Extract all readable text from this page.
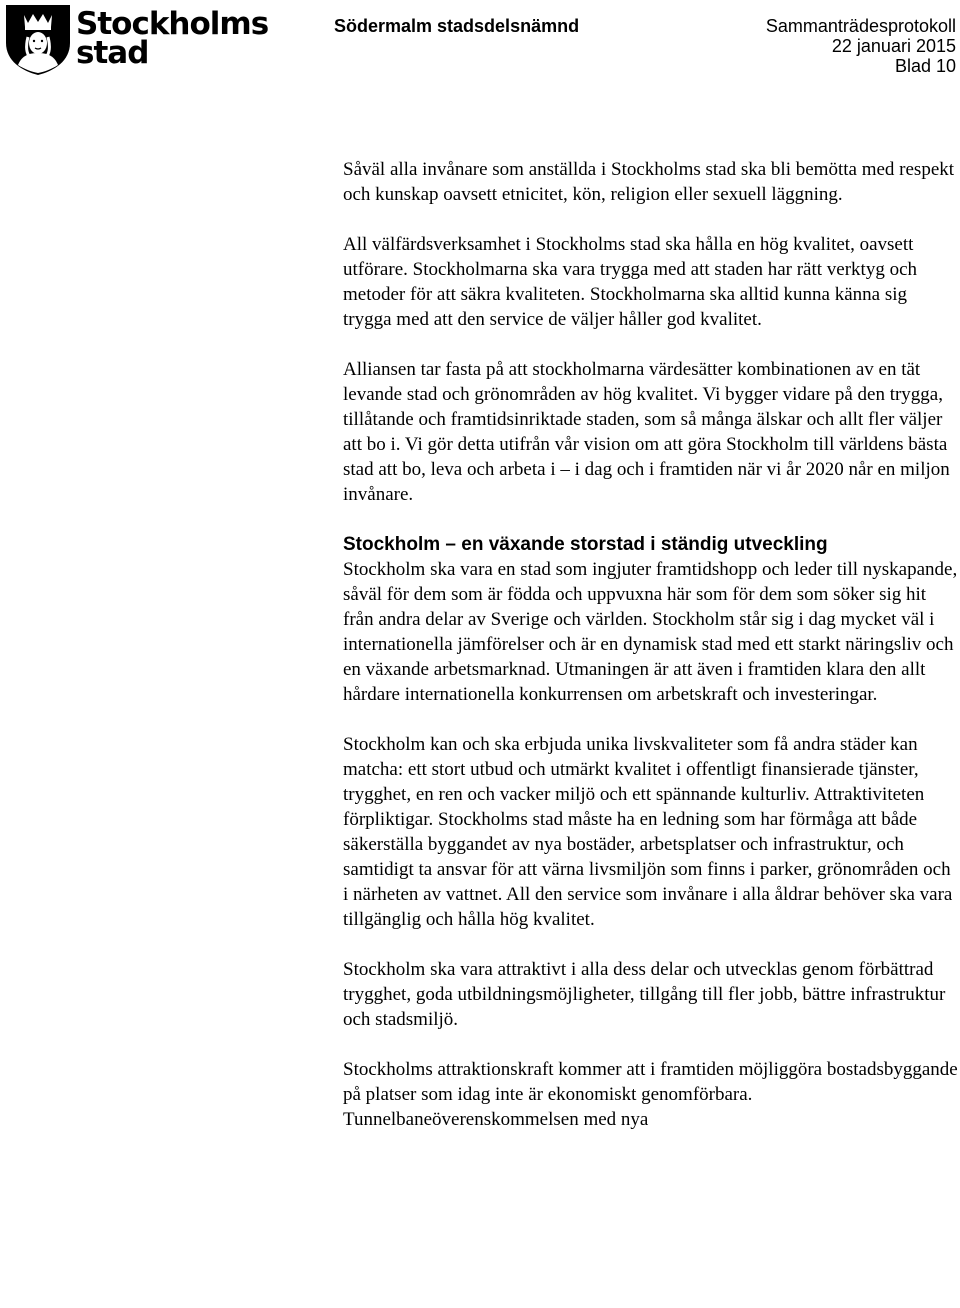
Stockholms
stad
Södermalm stadsdelsnämnd	Sammanträdesprotokoll
22 januari 2015
Blad 10

Såväl alla invånare som anställda i Stockholms stad ska bli bemötta med respekt och kunskap oavsett etnicitet, kön, religion eller sexuell läggning.

All välfärdsverksamhet i Stockholms stad ska hålla en hög kvalitet, oavsett utförare. Stockholmarna ska vara trygga med att staden har rätt verktyg och metoder för att säkra kvaliteten. Stockholmarna ska alltid kunna känna sig trygga med att den service de väljer håller god kvalitet.

Alliansen tar fasta på att stockholmarna värdesätter kombinationen av en tät levande stad och grönområden av hög kvalitet. Vi bygger vidare på den trygga, tillåtande och framtidsinriktade staden, som så många älskar och allt fler väljer att bo i. Vi gör detta utifrån vår vision om att göra Stockholm till världens bästa stad att bo, leva och arbeta i – i dag och i framtiden när vi år 2020 når en miljon invånare.

Stockholm – en växande storstad i ständig utveckling

Stockholm ska vara en stad som ingjuter framtidshopp och leder till nyskapande, såväl för dem som är födda och uppvuxna här som för dem som söker sig hit från andra delar av Sverige och världen. Stockholm står sig i dag mycket väl i internationella jämförelser och är en dynamisk stad med ett starkt näringsliv och en växande arbetsmarknad. Utmaningen är att även i framtiden klara den allt hårdare internationella konkurrensen om arbetskraft och investeringar.

Stockholm kan och ska erbjuda unika livskvaliteter som få andra städer kan matcha: ett stort utbud och utmärkt kvalitet i offentligt finansierade tjänster, trygghet, en ren och vacker miljö och ett spännande kulturliv. Attraktiviteten förpliktigar. Stockholms stad måste ha en ledning som har förmåga att både säkerställa byggandet av nya bostäder, arbetsplatser och infrastruktur, och samtidigt ta ansvar för att värna livsmiljön som finns i parker, grönområden och i närheten av vattnet. All den service som invånare i alla åldrar behöver ska vara tillgänglig och hålla hög kvalitet.

Stockholm ska vara attraktivt i alla dess delar och utvecklas genom förbättrad trygghet, goda utbildningsmöjligheter, tillgång till fler jobb, bättre infrastruktur och stadsmiljö.

Stockholms attraktionskraft kommer att i framtiden möjliggöra bostadsbyggande på platser som idag inte är ekonomiskt genomförbara. Tunnelbaneöverenskommelsen med nya
